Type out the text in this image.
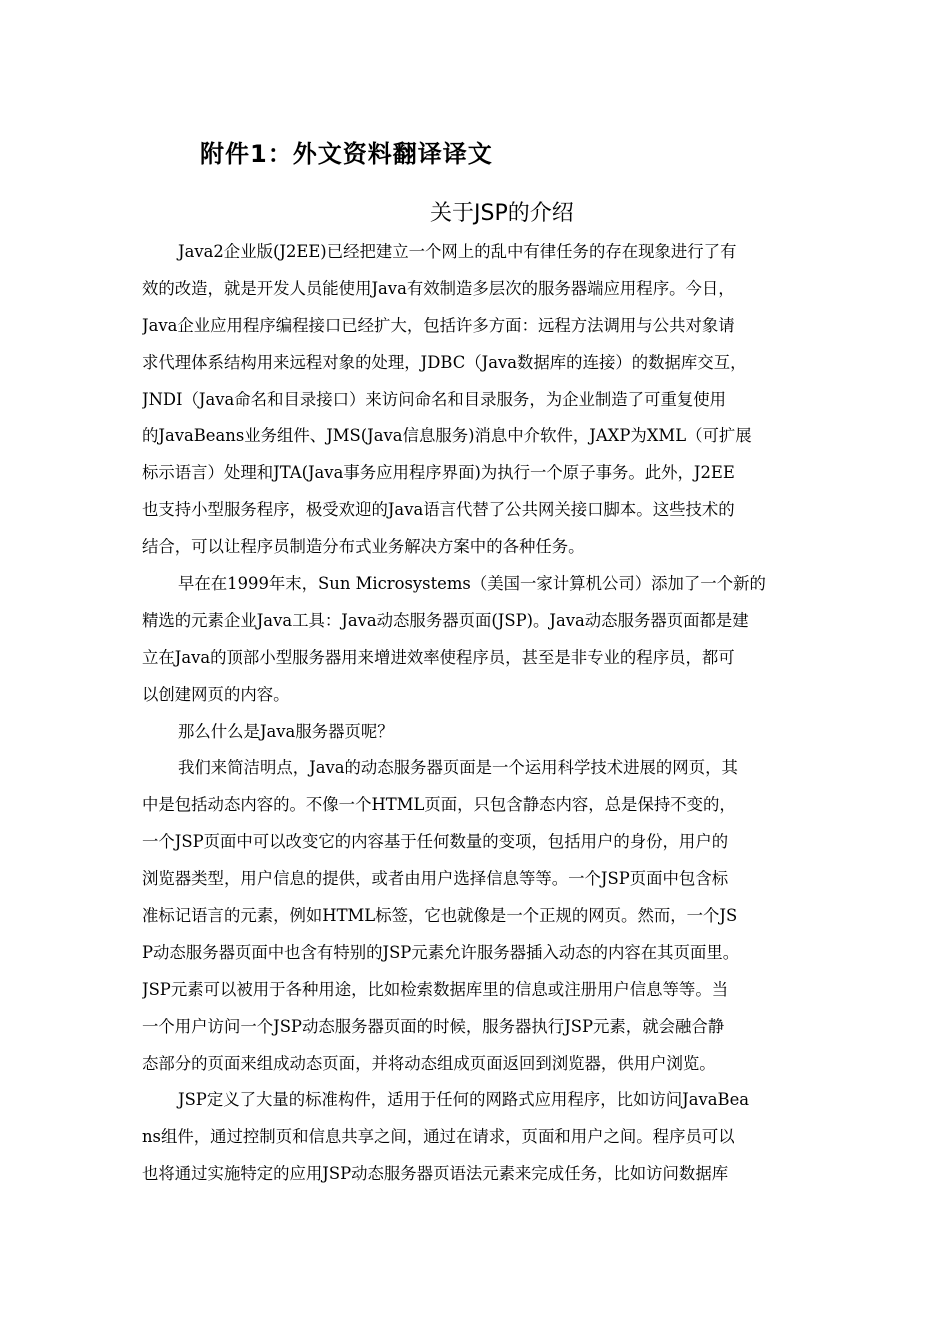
附件1：外文资料翻译译文
关于JSP的介绍
Java2企业版(J2EE)已经把建立一个网上的乱中有律任务的存在现象进行了有
效的改造，就是开发人员能使用Java有效制造多层次的服务器端应用程序。今日，
Java企业应用程序编程接口已经扩大，包括许多方面：远程方法调用与公共对象请
求代理体系结构用来远程对象的处理，JDBC（Java数据库的连接）的数据库交互，
JNDI（Java命名和目录接口）来访问命名和目录服务，为企业制造了可重复使用
的JavaBeans业务组件、JMS(Java信息服务)消息中介软件，JAXP为XML（可扩展
标示语言）处理和JTA(Java事务应用程序界面)为执行一个原子事务。此外，J2EE
也支持小型服务程序，极受欢迎的Java语言代替了公共网关接口脚本。这些技术的
结合，可以让程序员制造分布式业务解决方案中的各种任务。
早在在1999年末，Sun Microsystems（美国一家计算机公司）添加了一个新的
精选的元素企业Java工具：Java动态服务器页面(JSP)。Java动态服务器页面都是建
立在Java的顶部小型服务器用来增进效率使程序员，甚至是非专业的程序员，都可
以创建网页的内容。
那么什么是Java服务器页呢？
我们来简洁明点，Java的动态服务器页面是一个运用科学技术进展的网页，其
中是包括动态内容的。不像一个HTML页面，只包含静态内容，总是保持不变的，
一个JSP页面中可以改变它的内容基于任何数量的变项，包括用户的身份，用户的
浏览器类型，用户信息的提供，或者由用户选择信息等等。一个JSP页面中包含标
准标记语言的元素，例如HTML标签，它也就像是一个正规的网页。然而，一个JS
P动态服务器页面中也含有特别的JSP元素允许服务器插入动态的内容在其页面里。
JSP元素可以被用于各种用途，比如检索数据库里的信息或注册用户信息等等。当
一个用户访问一个JSP动态服务器页面的时候，服务器执行JSP元素，就会融合静
态部分的页面来组成动态页面，并将动态组成页面返回到浏览器，供用户浏览。
JSP定义了大量的标准构件，适用于任何的网路式应用程序，比如访问JavaBea
ns组件，通过控制页和信息共享之间，通过在请求，页面和用户之间。程序员可以
也将通过实施特定的应用JSP动态服务器页语法元素来完成任务，比如访问数据库
